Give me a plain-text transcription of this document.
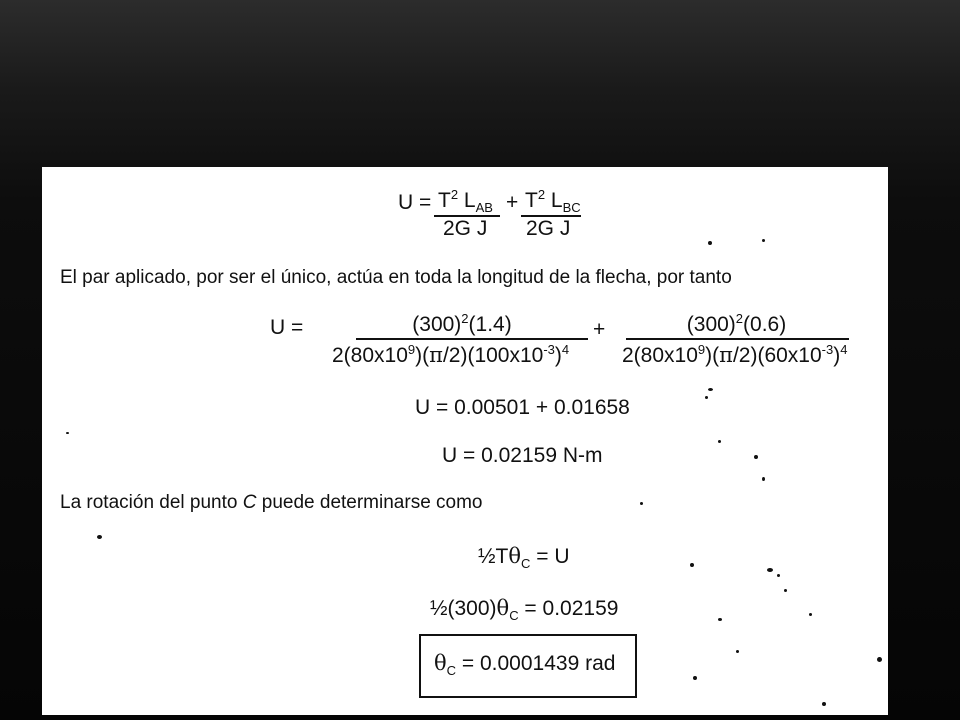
$U = T^2$ $L_{AB}$
2G J
+ $T^2$ $L_{BC}$
2G J
El par aplicado, por ser el único, actúa en toda la longitud de la flecha, por tanto
U =	$(300)^2(1.4)$
$2(80x10^9)(\pi/2)(100x10^{-3})^4$
+	$(300)^2(0.6)$
$2(80x10^9)(\pi/2)(60x10^{-3})^4$
U = 0.00501 + 0.01658
U = 0.02159 N-m
La rotación del punto C puede determinarse como
$\frac{1}{2}T\theta_C = U$
$\frac{1}{2}(300)\theta_C = 0.02159$
$\theta_C = 0.0001439$ rad
